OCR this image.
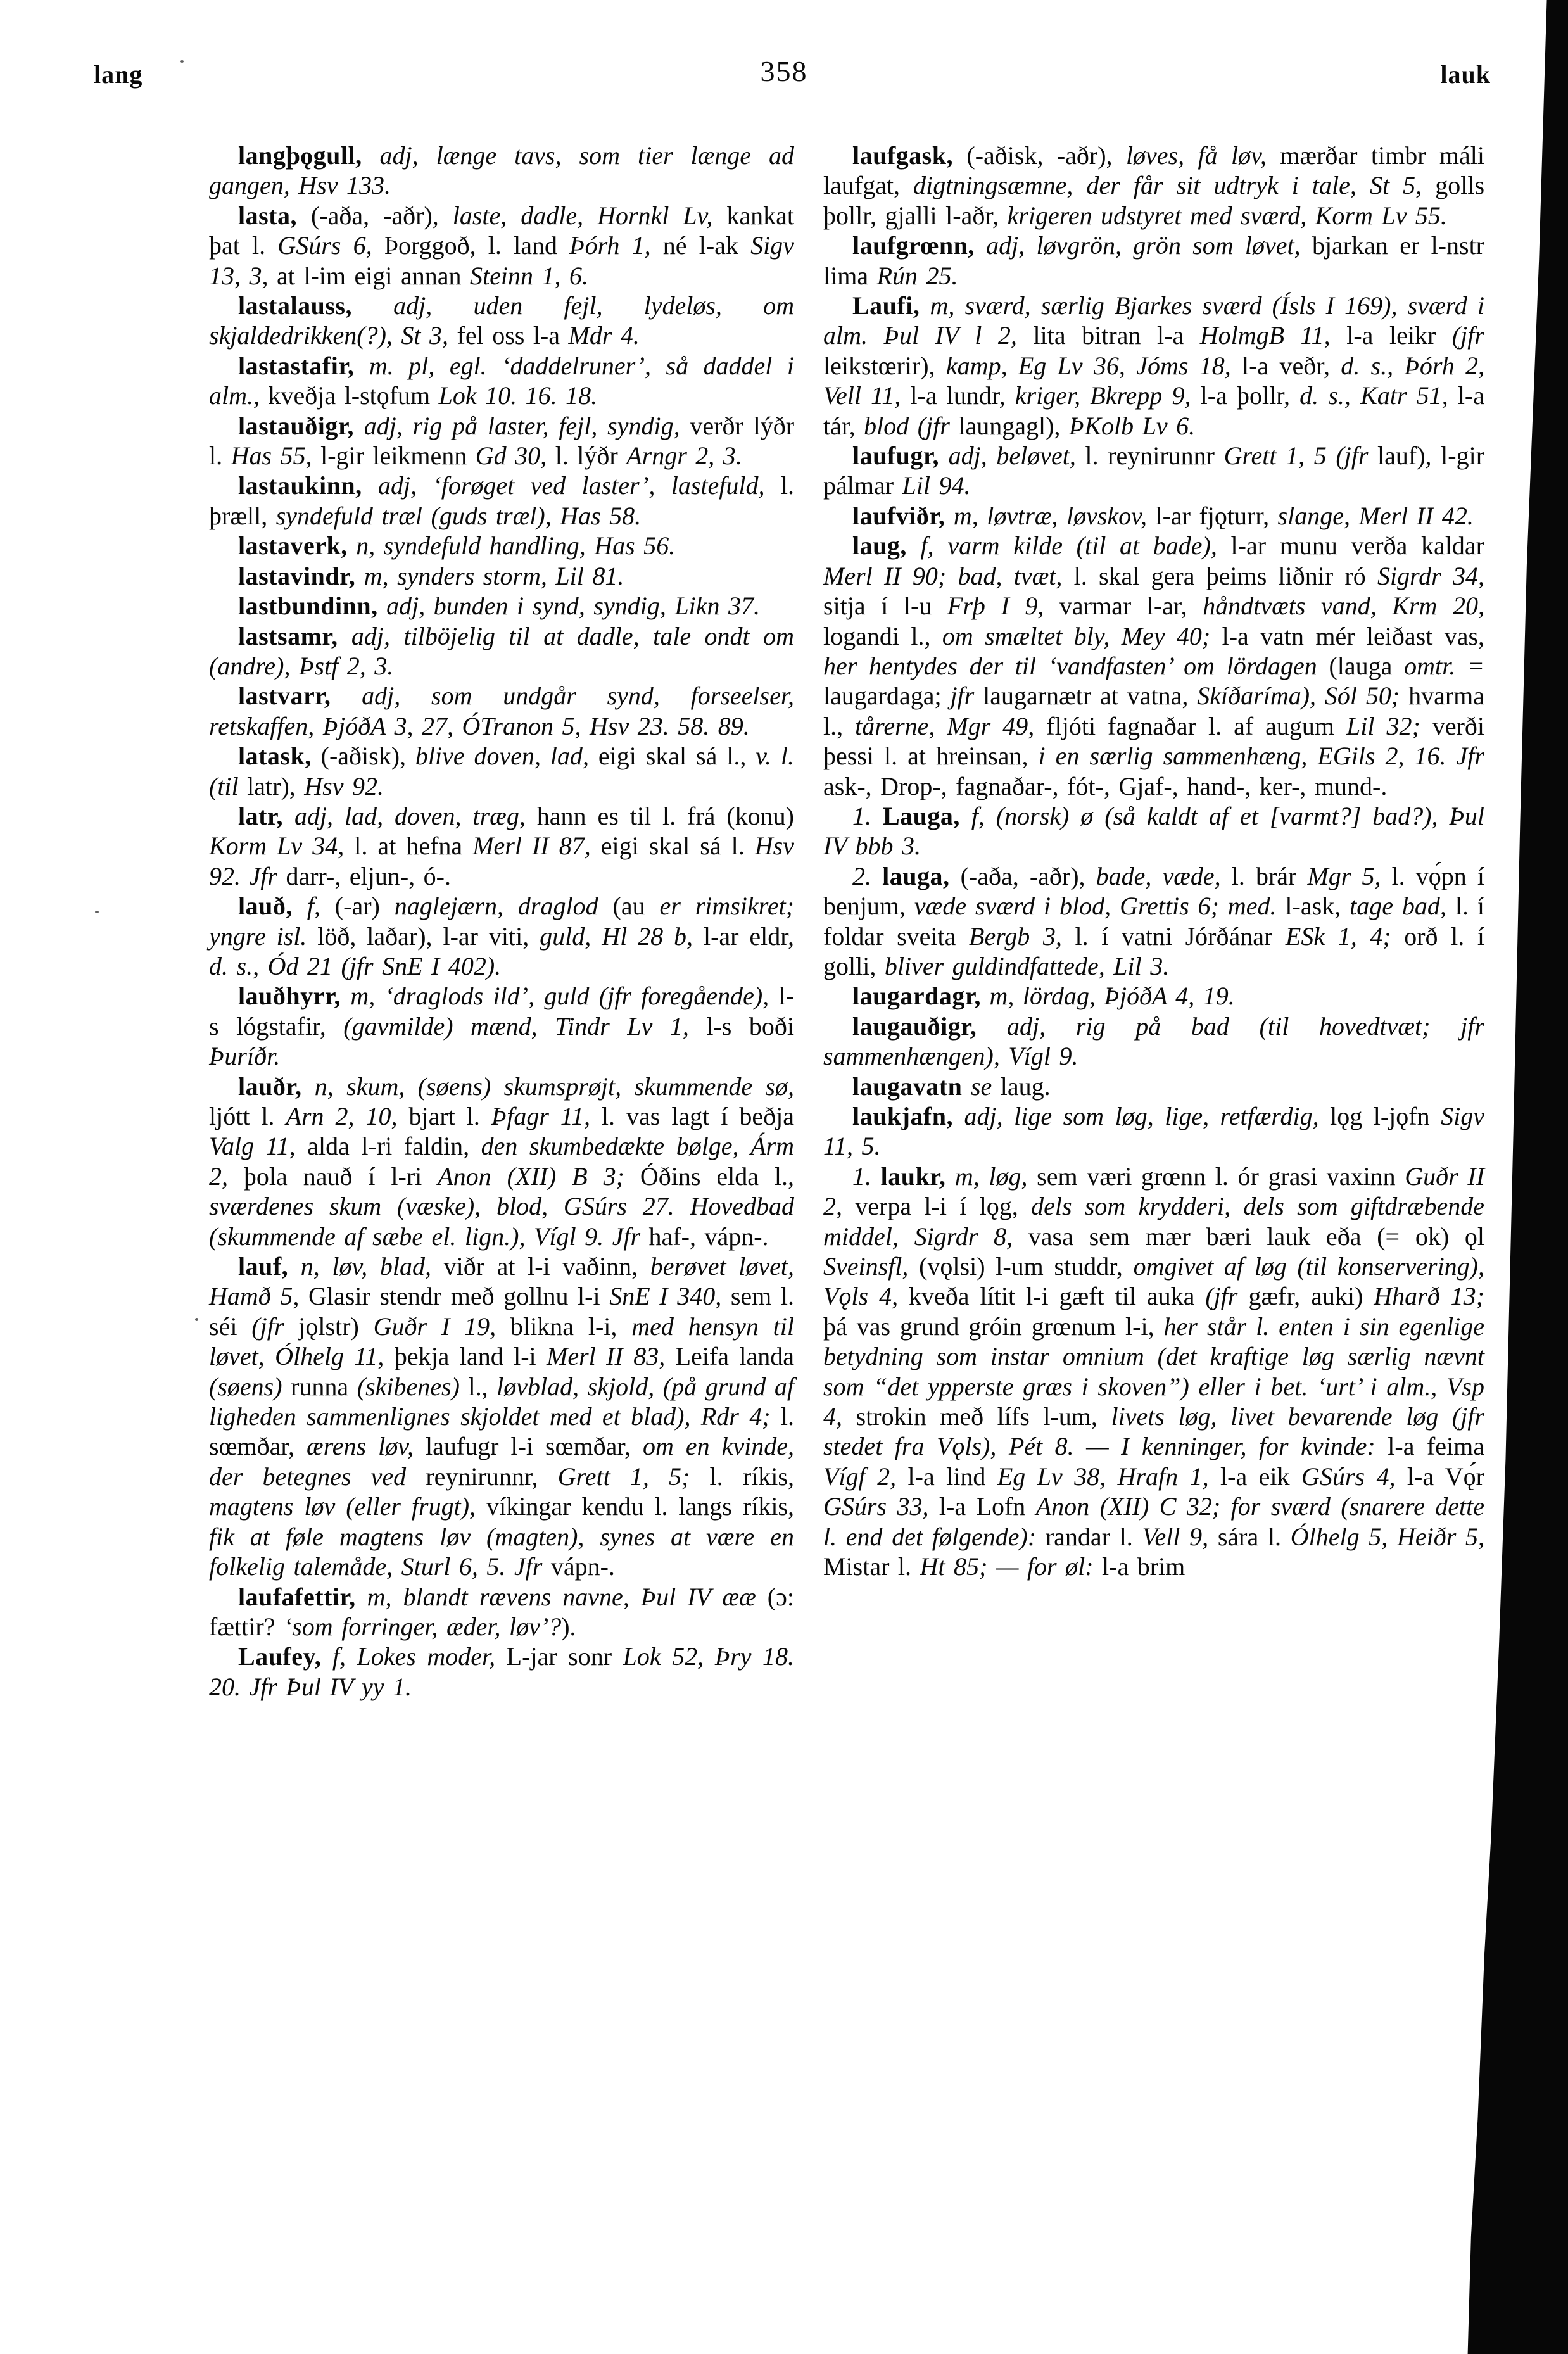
lang	358	lauk

langþǫgull, adj, længe tavs, som tier længe ad gangen, Hsv 133.

lasta, (-aða, -aðr), laste, dadle, Hornkl Lv, kankat þat l. GSúrs 6, Þorggoð, l. land Þórh 1, né l-ak Sigv 13, 3, at l-im eigi annan Steinn 1, 6.

lastalauss, adj, uden fejl, lydeløs, om skjaldedrikken(?), St 3, fel oss l-a Mdr 4.

lastastafir, m. pl, egl. ‘daddelruner’, så daddel i alm., kveðja l-stǫfum Lok 10. 16. 18.

lastauðigr, adj, rig på laster, fejl, syndig, verðr lýðr l. Has 55, l-gir leikmenn Gd 30, l. lýðr Arngr 2, 3.

lastaukinn, adj, ‘forøget ved laster’, lastefuld, l. þræll, syndefuld træl (guds træl), Has 58.

lastaverk, n, syndefuld handling, Has 56.

lastavindr, m, synders storm, Lil 81.

lastbundinn, adj, bunden i synd, syndig, Likn 37.

lastsamr, adj, tilböjelig til at dadle, tale ondt om (andre), Þstf 2, 3.

lastvarr, adj, som undgår synd, forseelser, retskaffen, ÞjóðA 3, 27, ÓTranon 5, Hsv 23. 58. 89.

latask, (-aðisk), blive doven, lad, eigi skal sá l., v. l. (til latr), Hsv 92.

latr, adj, lad, doven, træg, hann es til l. frá (konu) Korm Lv 34, l. at hefna Merl II 87, eigi skal sá l. Hsv 92. Jfr darr-, eljun-, ó-.

lauð, f, (-ar) naglejærn, draglod (au er rimsikret; yngre isl. löð, laðar), l-ar viti, guld, Hl 28 b, l-ar eldr, d. s., Ód 21 (jfr SnE I 402).

lauðhyrr, m, ‘draglods ild’, guld (jfr foregående), l-s lógstafir, (gavmilde) mænd, Tindr Lv 1, l-s boði Þuríðr.

lauðr, n, skum, (søens) skumsprøjt, skummende sø, ljótt l. Arn 2, 10, bjart l. Þfagr 11, l. vas lagt í beðja Valg 11, alda l-ri faldin, den skumbedækte bølge, Árm 2, þola nauð í l-ri Anon (XII) B 3; Óðins elda l., sværdenes skum (væske), blod, GSúrs 27. Hovedbad (skummende af sæbe el. lign.), Vígl 9. Jfr haf-, vápn-.

lauf, n, løv, blad, viðr at l-i vaðinn, berøvet løvet, Hamð 5, Glasir stendr með gollnu l-i SnE I 340, sem l. séi (jfr jǫlstr) Guðr I 19, blikna l-i, med hensyn til løvet, Ólhelg 11, þekja land l-i Merl II 83, Leifa landa (søens) runna (skibenes) l., løvblad, skjold, (på grund af ligheden sammenlignes skjoldet med et blad), Rdr 4; l. sœmðar, ærens løv, laufugr l-i sœmðar, om en kvinde, der betegnes ved reynirunnr, Grett 1, 5; l. ríkis, magtens løv (eller frugt), víkingar kendu l. langs ríkis, fik at føle magtens løv (magten), synes at være en folkelig talemåde, Sturl 6, 5. Jfr vápn-.

laufafettir, m, blandt rævens navne, Þul IV ææ (ɔ: fættir? ‘som forringer, æder, løv’?).

Laufey, f, Lokes moder, L-jar sonr Lok 52, Þry 18. 20. Jfr Þul IV yy 1.

laufgask, (-aðisk, -aðr), løves, få løv, mærðar timbr máli laufgat, digtningsæmne, der får sit udtryk i tale, St 5, golls þollr, gjalli l-aðr, krigeren udstyret med sværd, Korm Lv 55.

laufgrœnn, adj, løvgrön, grön som løvet, bjarkan er l-nstr lima Rún 25.

Laufi, m, sværd, særlig Bjarkes sværd (Ísls I 169), sværd i alm. Þul IV l 2, lita bitran l-a HolmgB 11, l-a leikr (jfr leikstœrir), kamp, Eg Lv 36, Jóms 18, l-a veðr, d. s., Þórh 2, Vell 11, l-a lundr, kriger, Bkrepp 9, l-a þollr, d. s., Katr 51, l-a tár, blod (jfr laungagl), ÞKolb Lv 6.

laufugr, adj, beløvet, l. reynirunnr Grett 1, 5 (jfr lauf), l-gir pálmar Lil 94.

laufviðr, m, løvtræ, løvskov, l-ar fjǫturr, slange, Merl II 42.

laug, f, varm kilde (til at bade), l-ar munu verða kaldar Merl II 90; bad, tvæt, l. skal gera þeims liðnir ró Sigrdr 34, sitja í l-u Frþ I 9, varmar l-ar, håndtvæts vand, Krm 20, logandi l., om smæltet bly, Mey 40; l-a vatn mér leiðast vas, her hentydes der til ‘vandfasten’ om lördagen (lauga omtr. = laugardaga; jfr laugarnætr at vatna, Skíðaríma), Sól 50; hvarma l., tårerne, Mgr 49, fljóti fagnaðar l. af augum Lil 32; verði þessi l. at hreinsan, i en særlig sammenhæng, EGils 2, 16. Jfr ask-, Drop-, fagnaðar-, fót-, Gjaf-, hand-, ker-, mund-.

1. Lauga, f, (norsk) ø (så kaldt af et [varmt?] bad?), Þul IV bbb 3.

2. lauga, (-aða, -aðr), bade, væde, l. brár Mgr 5, l. vǫ́pn í benjum, væde sværd i blod, Grettis 6; med. l-ask, tage bad, l. í foldar sveita Bergb 3, l. í vatni Jórðánar ESk 1, 4; orð l. í golli, bliver guldindfattede, Lil 3.

laugardagr, m, lördag, ÞjóðA 4, 19.

laugauðigr, adj, rig på bad (til hovedtvæt; jfr sammenhængen), Vígl 9.

laugavatn se laug.

laukjafn, adj, lige som løg, lige, retfærdig, lǫg l-jǫfn Sigv 11, 5.

1. laukr, m, løg, sem væri grœnn l. ór grasi vaxinn Guðr II 2, verpa l-i í lǫg, dels som krydderi, dels som giftdræbende middel, Sigrdr 8, vasa sem mær bæri lauk eða (= ok) ǫl Sveinsfl, (vǫlsi) l-um studdr, omgivet af løg (til konservering), Vǫls 4, kveða lítit l-i gæft til auka (jfr gæfr, auki) Hharð 13; þá vas grund gróin grœnum l-i, her står l. enten i sin egenlige betydning som instar omnium (det kraftige løg særlig nævnt som “det ypperste græs i skoven”) eller i bet. ‘urt’ i alm., Vsp 4, strokin með lífs l-um, livets løg, livet bevarende løg (jfr stedet fra Vǫls), Pét 8. — I kenninger, for kvinde: l-a feima Vígf 2, l-a lind Eg Lv 38, Hrafn 1, l-a eik GSúrs 4, l-a Vǫ́r GSúrs 33, l-a Lofn Anon (XII) C 32; for sværd (snarere dette l. end det følgende): randar l. Vell 9, sára l. Ólhelg 5, Heiðr 5, Mistar l. Ht 85; — for øl: l-a brim
